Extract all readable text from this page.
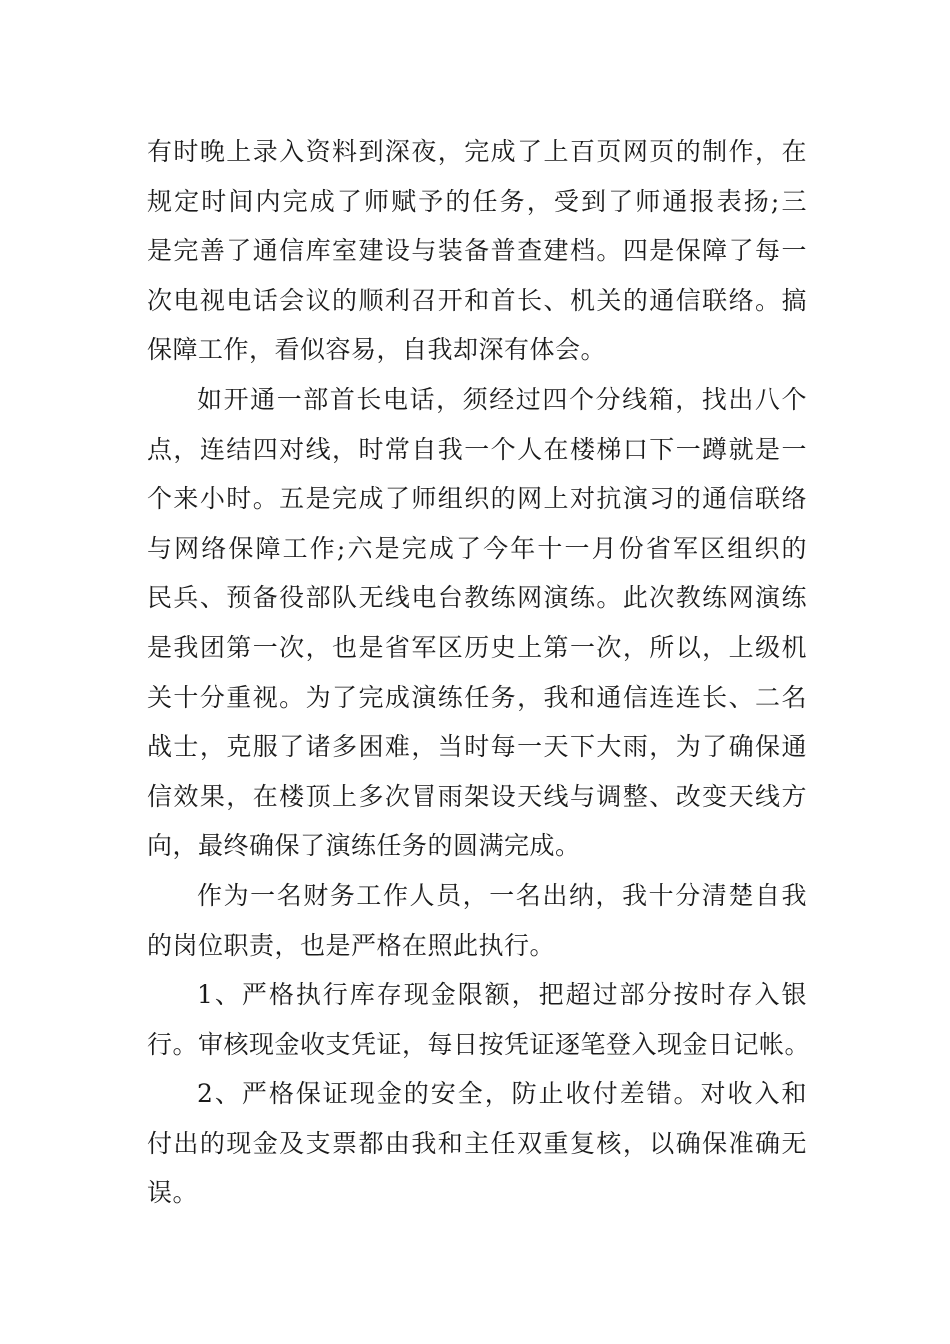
有时晚上录入资料到深夜，完成了上百页网页的制作，在
规定时间内完成了师赋予的任务，受到了师通报表扬;三
是完善了通信库室建设与装备普查建档。四是保障了每一
次电视电话会议的顺利召开和首长、机关的通信联络。搞
保障工作，看似容易，自我却深有体会。
如开通一部首长电话，须经过四个分线箱，找出八个
点，连结四对线，时常自我一个人在楼梯口下一蹲就是一
个来小时。五是完成了师组织的网上对抗演习的通信联络
与网络保障工作;六是完成了今年十一月份省军区组织的
民兵、预备役部队无线电台教练网演练。此次教练网演练
是我团第一次，也是省军区历史上第一次，所以，上级机
关十分重视。为了完成演练任务，我和通信连连长、二名
战士，克服了诸多困难，当时每一天下大雨，为了确保通
信效果，在楼顶上多次冒雨架设天线与调整、改变天线方
向，最终确保了演练任务的圆满完成。
作为一名财务工作人员，一名出纳，我十分清楚自我
的岗位职责，也是严格在照此执行。
1、严格执行库存现金限额，把超过部分按时存入银
行。审核现金收支凭证，每日按凭证逐笔登入现金日记帐。
2、严格保证现金的安全，防止收付差错。对收入和
付出的现金及支票都由我和主任双重复核，以确保准确无
误。
